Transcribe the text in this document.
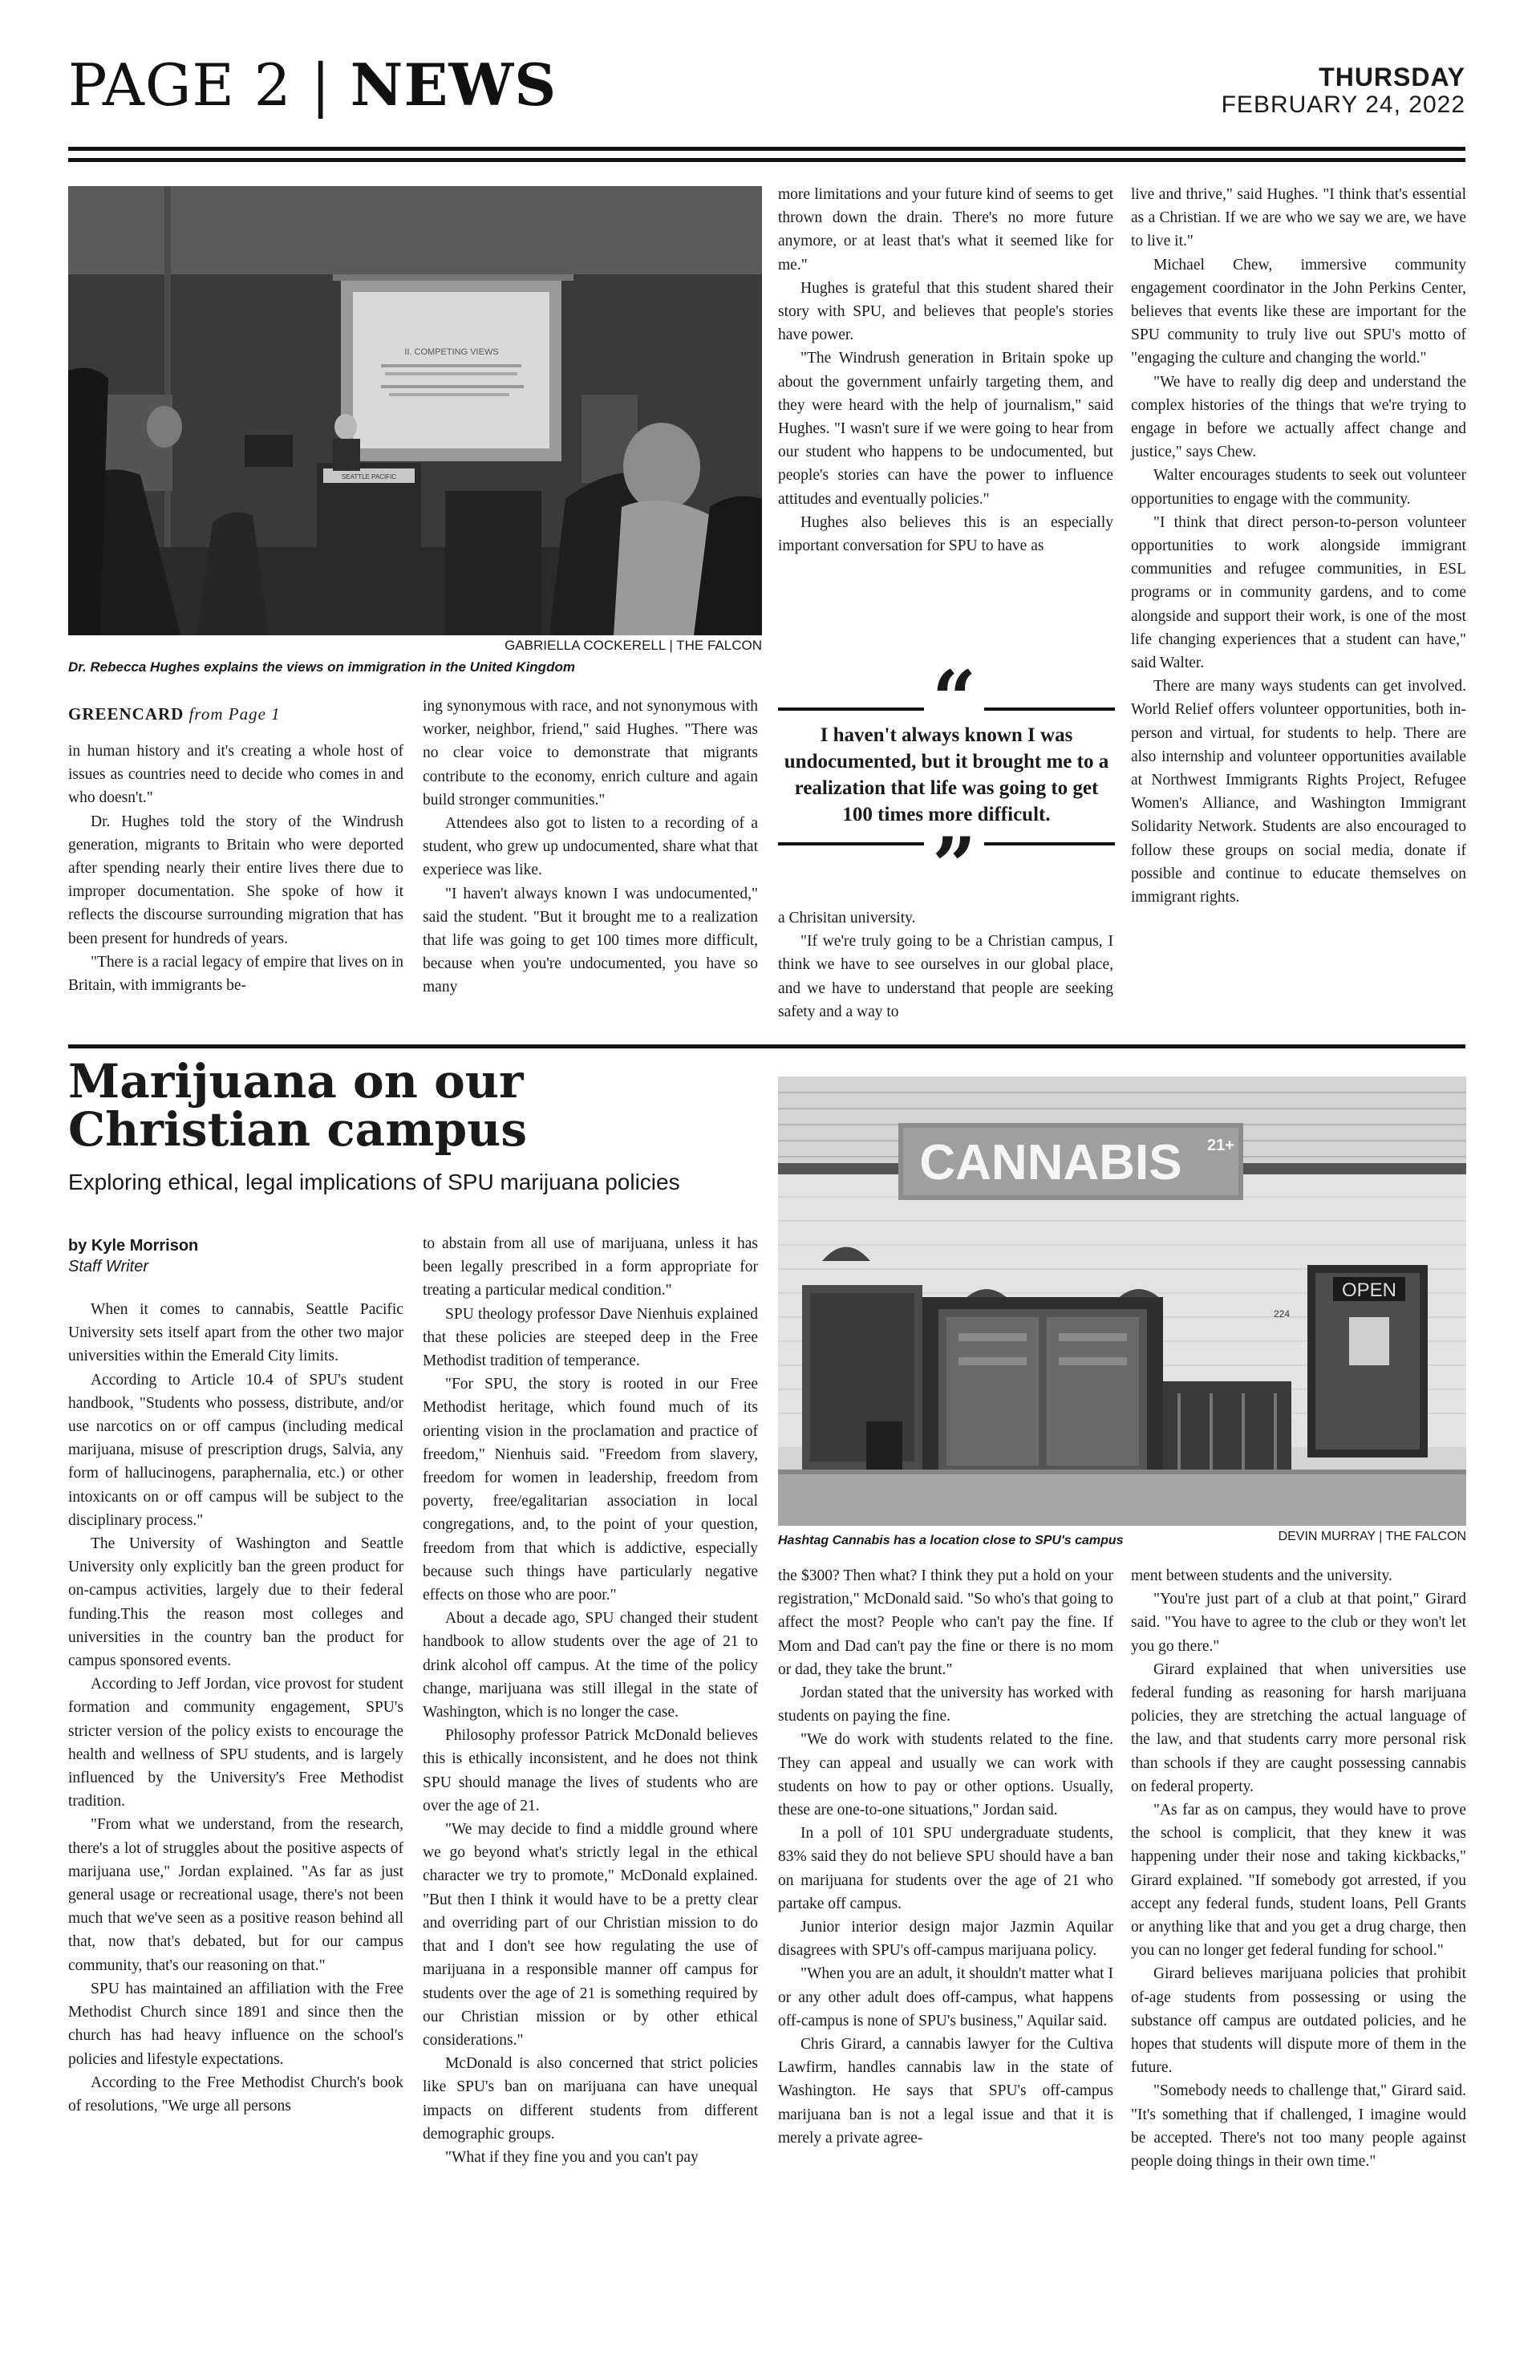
PAGE 2 | NEWS	THURSDAY
FEBRUARY 24, 2022
II. COMPETING VIEWS
SEATTLE PACIFIC
GABRIELLA COCKERELL | THE FALCON
Dr. Rebecca Hughes explains the views on immigration in the United Kingdom
GREENCARD from Page 1

in human history and it's creating a whole host of issues as countries need to decide who comes in and who doesn't."

Dr. Hughes told the story of the Windrush generation, migrants to Britain who were deported after spending nearly their entire lives there due to improper documentation. She spoke of how it reflects the discourse surrounding migration that has been present for hundreds of years.

"There is a racial legacy of empire that lives on in Britain, with immigrants be-

ing synonymous with race, and not synonymous with worker, neighbor, friend," said Hughes. "There was no clear voice to demonstrate that migrants contribute to the economy, enrich culture and again build stronger communities."

Attendees also got to listen to a recording of a student, who grew up undocumented, share what that experiece was like.

"I haven't always known I was undocumented," said the student. "But it brought me to a realization that life was going to get 100 times more difficult, because when you're undocumented, you have so many

more limitations and your future kind of seems to get thrown down the drain. There's no more future anymore, or at least that's what it seemed like for me."

Hughes is grateful that this student shared their story with SPU, and believes that people's stories have power.

"The Windrush generation in Britain spoke up about the government unfairly targeting them, and they were heard with the help of journalism," said Hughes. "I wasn't sure if we were going to hear from our student who happens to be undocumented, but people's stories can have the power to influence attitudes and eventually policies."

Hughes also believes this is an especially important conversation for SPU to have as

“
I haven't always known I was undocumented, but it brought me to a realization that life was going to get 100 times more difficult.
”

a Chrisitan university.

"If we're truly going to be a Christian campus, I think we have to see ourselves in our global place, and we have to understand that people are seeking safety and a way to

live and thrive," said Hughes. "I think that's essential as a Christian. If we are who we say we are, we have to live it."

Michael Chew, immersive community engagement coordinator in the John Perkins Center, believes that events like these are important for the SPU community to truly live out SPU's motto of "engaging the culture and changing the world."

"We have to really dig deep and understand the complex histories of the things that we're trying to engage in before we actually affect change and justice," says Chew.

Walter encourages students to seek out volunteer opportunities to engage with the community.

"I think that direct person-to-person volunteer opportunities to work alongside immigrant communities and refugee communities, in ESL programs or in community gardens, and to come alongside and support their work, is one of the most life changing experiences that a student can have," said Walter.

There are many ways students can get involved. World Relief offers volunteer opportunities, both in-person and virtual, for students to help. There are also internship and volunteer opportunities available at Northwest Immigrants Rights Project, Refugee Women's Alliance, and Washington Immigrant Solidarity Network. Students are also encouraged to follow these groups on social media, donate if possible and continue to educate themselves on immigrant rights.

Marijuana on our Christian campus
Exploring ethical, legal implications of SPU marijuana policies
by Kyle Morrison
Staff Writer
CANNABIS 21+
OPEN
224
Hashtag Cannabis has a location close to SPU's campus	DEVIN MURRAY | THE FALCON

When it comes to cannabis, Seattle Pacific University sets itself apart from the other two major universities within the Emerald City limits.

According to Article 10.4 of SPU's student handbook, "Students who possess, distribute, and/or use narcotics on or off campus (including medical marijuana, misuse of prescription drugs, Salvia, any form of hallucinogens, paraphernalia, etc.) or other intoxicants on or off campus will be subject to the disciplinary process."

The University of Washington and Seattle University only explicitly ban the green product for on-campus activities, largely due to their federal funding.This the reason most colleges and universities in the country ban the product for campus sponsored events.

According to Jeff Jordan, vice provost for student formation and community engagement, SPU's stricter version of the policy exists to encourage the health and wellness of SPU students, and is largely influenced by the University's Free Methodist tradition.

"From what we understand, from the research, there's a lot of struggles about the positive aspects of marijuana use," Jordan explained. "As far as just general usage or recreational usage, there's not been much that we've seen as a positive reason behind all that, now that's debated, but for our campus community, that's our reasoning on that."

SPU has maintained an affiliation with the Free Methodist Church since 1891 and since then the church has had heavy influence on the school's policies and lifestyle expectations.

According to the Free Methodist Church's book of resolutions, "We urge all persons

to abstain from all use of marijuana, unless it has been legally prescribed in a form appropriate for treating a particular medical condition."

SPU theology professor Dave Nienhuis explained that these policies are steeped deep in the Free Methodist tradition of temperance.

"For SPU, the story is rooted in our Free Methodist heritage, which found much of its orienting vision in the proclamation and practice of freedom," Nienhuis said. "Freedom from slavery, freedom for women in leadership, freedom from poverty, free/egalitarian association in local congregations, and, to the point of your question, freedom from that which is addictive, especially because such things have particularly negative effects on those who are poor."

About a decade ago, SPU changed their student handbook to allow students over the age of 21 to drink alcohol off campus. At the time of the policy change, marijuana was still illegal in the state of Washington, which is no longer the case.

Philosophy professor Patrick McDonald believes this is ethically inconsistent, and he does not think SPU should manage the lives of students who are over the age of 21.

"We may decide to find a middle ground where we go beyond what's strictly legal in the ethical character we try to promote," McDonald explained. "But then I think it would have to be a pretty clear and overriding part of our Christian mission to do that and I don't see how regulating the use of marijuana in a responsible manner off campus for students over the age of 21 is something required by our Christian mission or by other ethical considerations."

McDonald is also concerned that strict policies like SPU's ban on marijuana can have unequal impacts on different students from different demographic groups.

"What if they fine you and you can't pay

the $300? Then what? I think they put a hold on your registration," McDonald said. "So who's that going to affect the most? People who can't pay the fine. If Mom and Dad can't pay the fine or there is no mom or dad, they take the brunt."

Jordan stated that the university has worked with students on paying the fine.

"We do work with students related to the fine. They can appeal and usually we can work with students on how to pay or other options. Usually, these are one-to-one situations," Jordan said.

In a poll of 101 SPU undergraduate students, 83% said they do not believe SPU should have a ban on marijuana for students over the age of 21 who partake off campus.

Junior interior design major Jazmin Aquilar disagrees with SPU's off-campus marijuana policy.

"When you are an adult, it shouldn't matter what I or any other adult does off-campus, what happens off-campus is none of SPU's business," Aquilar said.

Chris Girard, a cannabis lawyer for the Cultiva Lawfirm, handles cannabis law in the state of Washington. He says that SPU's off-campus marijuana ban is not a legal issue and that it is merely a private agree-

ment between students and the university.

"You're just part of a club at that point," Girard said. "You have to agree to the club or they won't let you go there."

Girard explained that when universities use federal funding as reasoning for harsh marijuana policies, they are stretching the actual language of the law, and that students carry more personal risk than schools if they are caught possessing cannabis on federal property.

"As far as on campus, they would have to prove the school is complicit, that they knew it was happening under their nose and taking kickbacks," Girard explained. "If somebody got arrested, if you accept any federal funds, student loans, Pell Grants or anything like that and you get a drug charge, then you can no longer get federal funding for school."

Girard believes marijuana policies that prohibit of-age students from possessing or using the substance off campus are outdated policies, and he hopes that students will dispute more of them in the future.

"Somebody needs to challenge that," Girard said. "It's something that if challenged, I imagine would be accepted. There's not too many people against people doing things in their own time."
